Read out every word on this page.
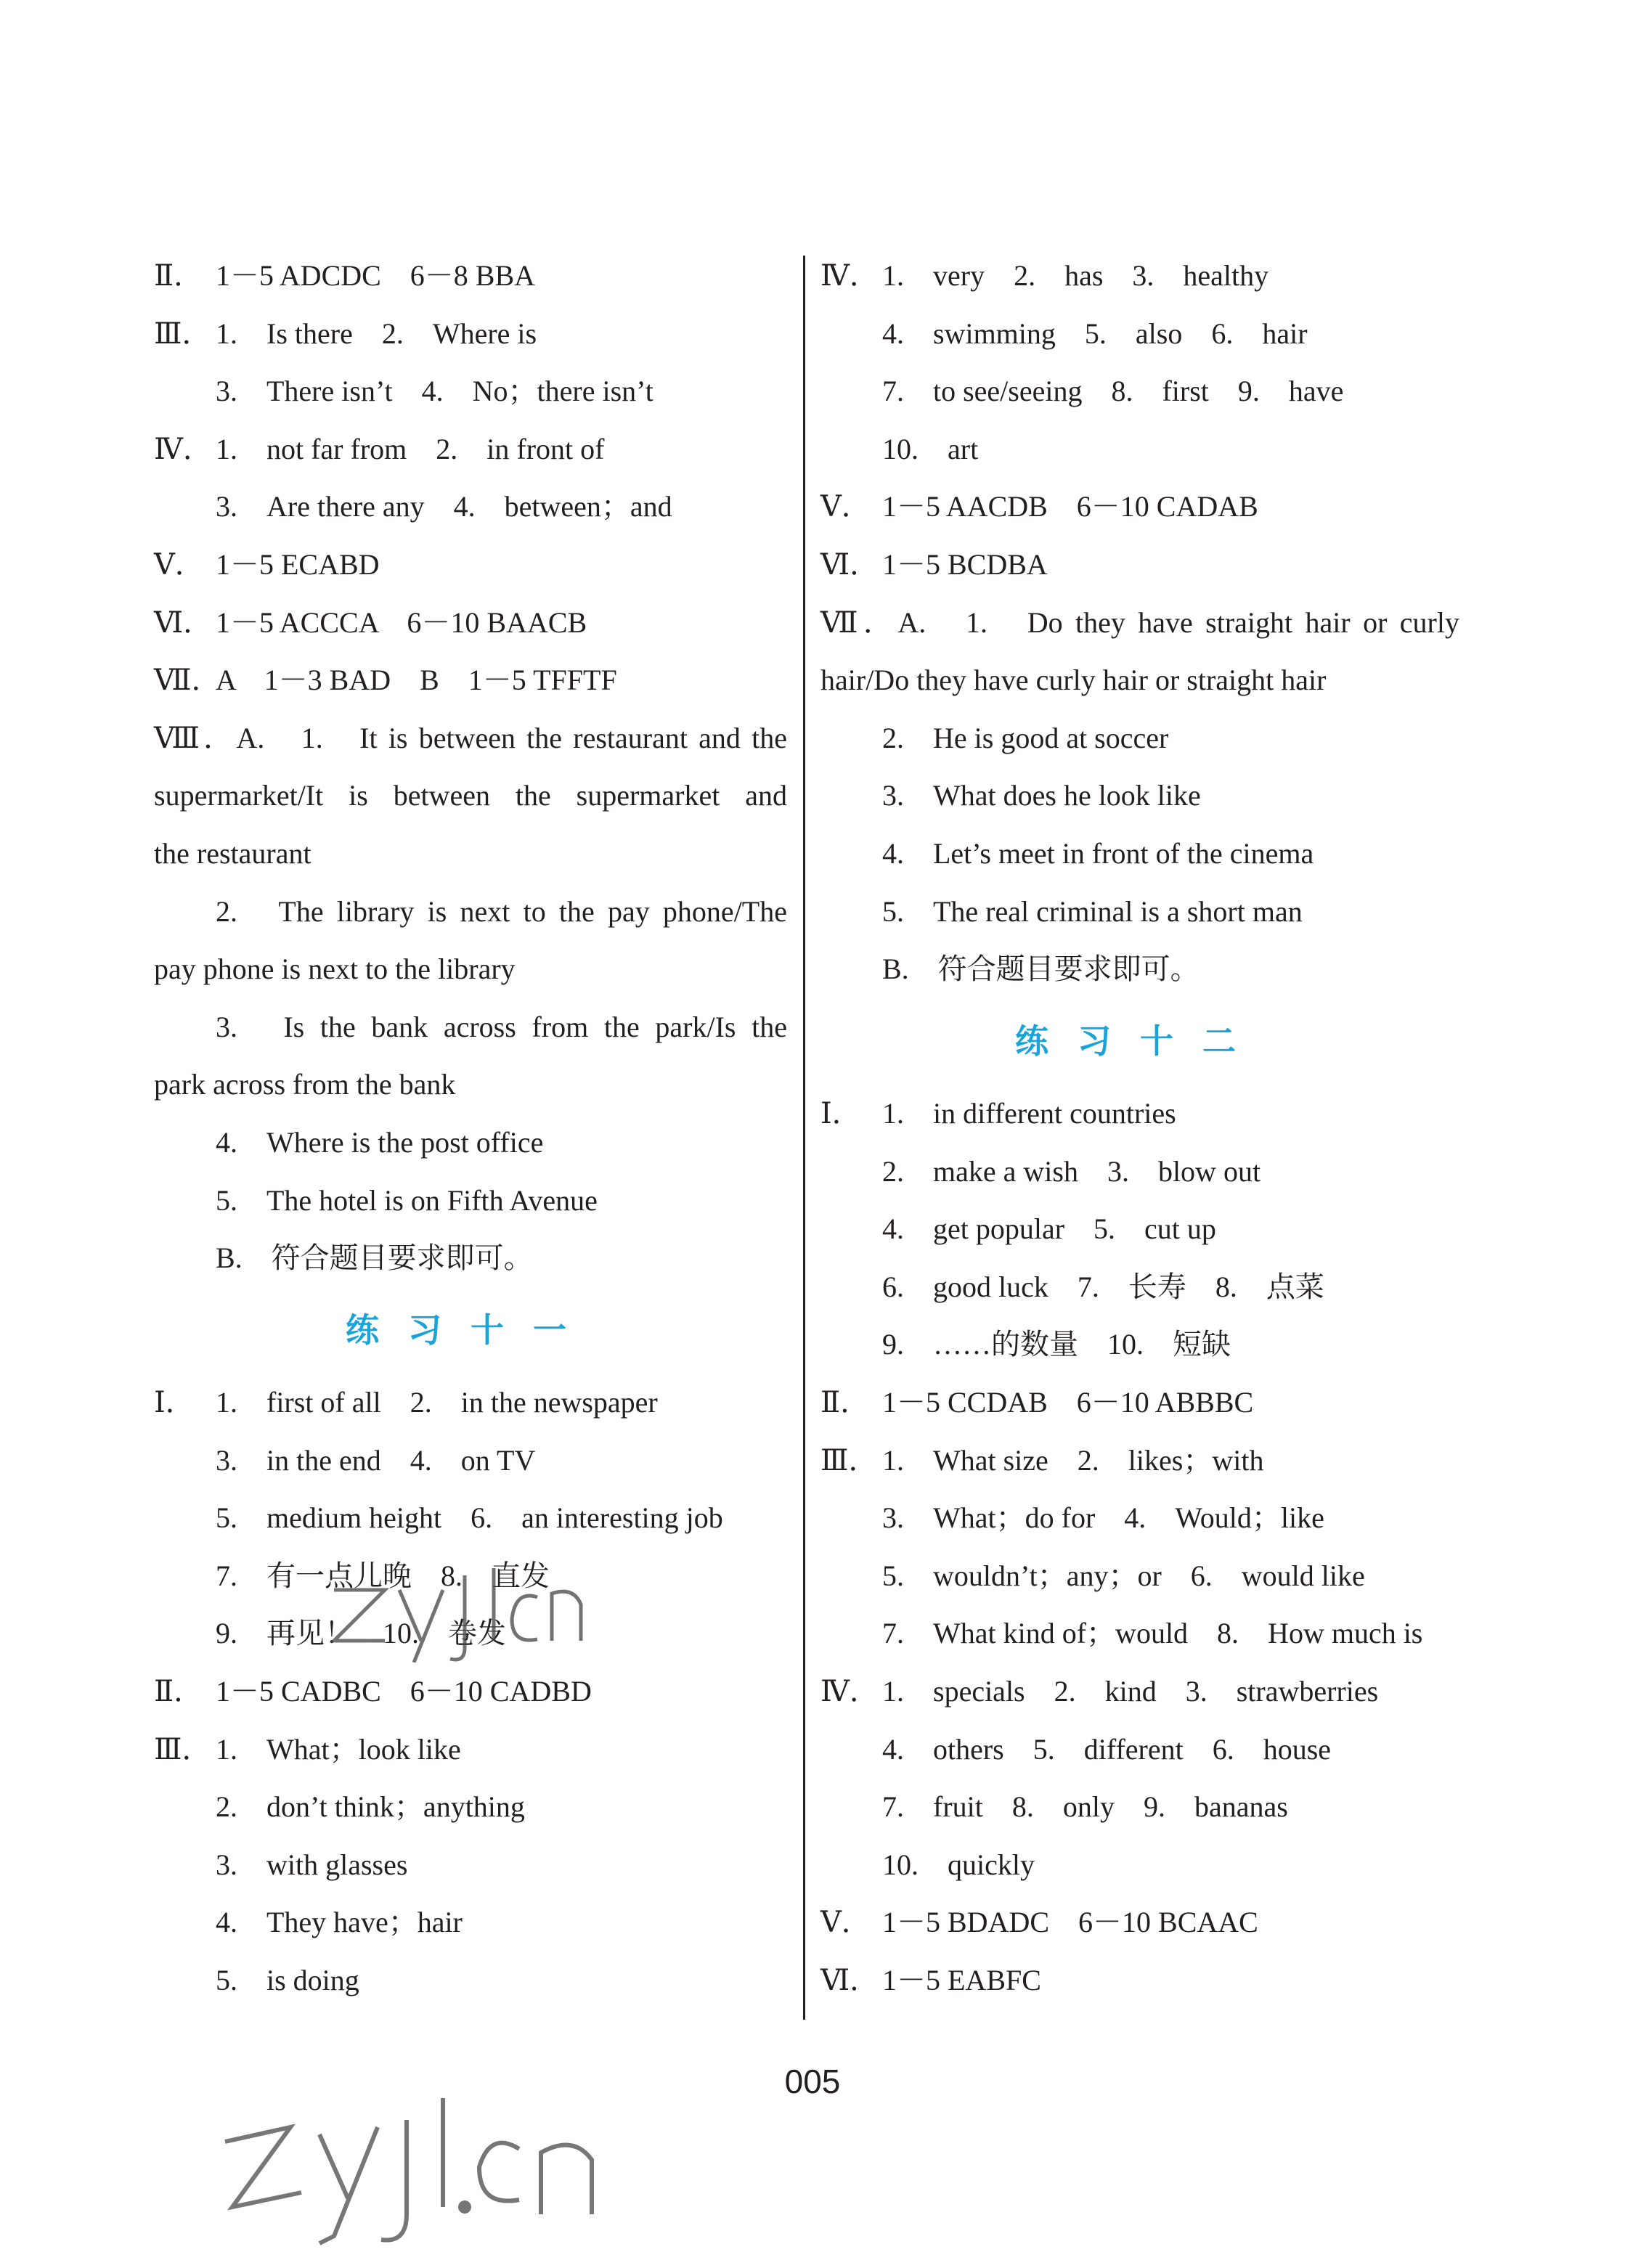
Ⅱ． 1－5 ADCDC　6－8 BBA
Ⅲ． 1.　Is there　2.　Where is
3.　There isn’t　4.　No；there isn’t
Ⅳ． 1.　not far from　2.　in front of
3.　Are there any　4.　between；and
Ⅴ． 1－5 ECABD
Ⅵ． 1－5 ACCCA　6－10 BAACB
Ⅶ．A　1－3 BAD　B　1－5 TFFTF
Ⅷ．A.　1.　It is between the restaurant and the
supermarket/It is between the supermarket and
the restaurant
2.　The library is next to the pay phone/The
pay phone is next to the library
3.　Is the bank across from the park/Is the
park across from the bank
4.　Where is the post office
5.　The hotel is on Fifth Avenue
B.　符合题目要求即可。
练习十一
Ⅰ． 1.　first of all　2.　in the newspaper
3.　in the end　4.　on TV
5.　medium height　6.　an interesting job
7.　有一点儿晚　8.　直发
9.　再见！　10.　卷发
Ⅱ． 1－5 CADBC　6－10 CADBD
Ⅲ． 1.　What；look like
2.　don’t think；anything
3.　with glasses
4.　They have；hair
5.　is doing
Ⅳ． 1.　very　2.　has　3.　healthy
4.　swimming　5.　also　6.　hair
7.　to see/seeing　8.　first　9.　have
10.　art
Ⅴ． 1－5 AACDB　6－10 CADAB
Ⅵ． 1－5 BCDBA
Ⅶ．A.　1.　Do they have straight hair or curly
hair/Do they have curly hair or straight hair
2.　He is good at soccer
3.　What does he look like
4.　Let’s meet in front of the cinema
5.　The real criminal is a short man
B.　符合题目要求即可。
练习十二
Ⅰ． 1.　in different countries
2.　make a wish　3.　blow out
4.　get popular　5.　cut up
6.　good luck　7.　长寿　8.　点菜
9.　……的数量　10.　短缺
Ⅱ． 1－5 CCDAB　6－10 ABBBC
Ⅲ． 1.　What size　2.　likes；with
3.　What；do for　4.　Would；like
5.　wouldn’t；any；or　6.　would like
7.　What kind of；would　8.　How much is
Ⅳ． 1.　specials　2.　kind　3.　strawberries
4.　others　5.　different　6.　house
7.　fruit　8.　only　9.　bananas
10.　quickly
Ⅴ． 1－5 BDADC　6－10 BCAAC
Ⅵ． 1－5 EABFC
005
